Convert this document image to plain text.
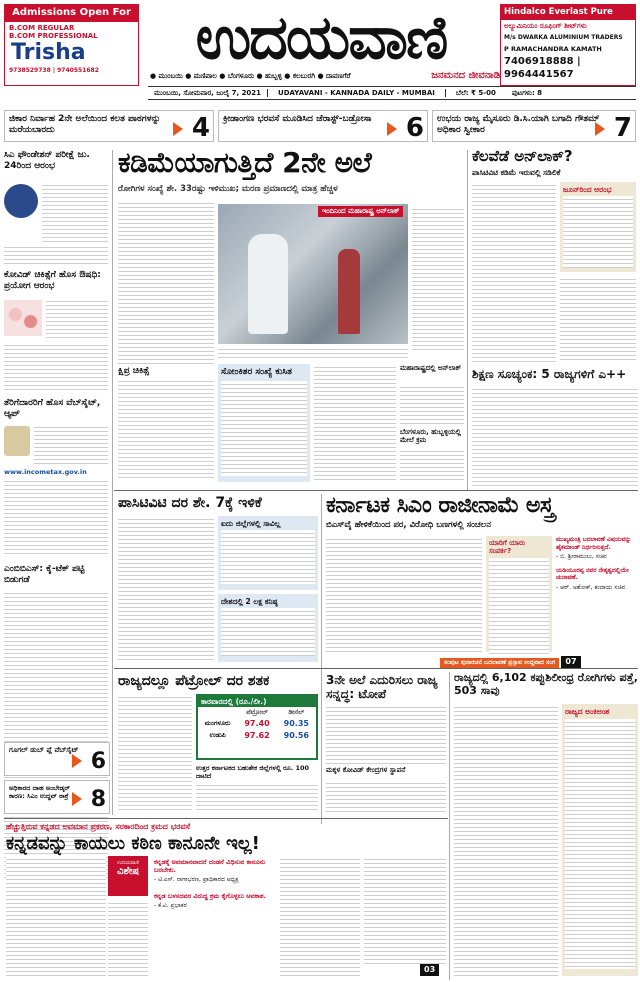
Admissions Open For
B.COM REGULAR
B.COM PROFESSIONAL
Trisha
9738529738 | 9740551682	ಉದಯವಾಣಿ
● ಮುಂಬಯಿ ● ಮಣಿಪಾಲ ● ಬೆಂಗಳೂರು ● ಹುಬ್ಬಳ್ಳಿ ● ಕಲಬುರಗಿ ● ದಾವಣಗೆರೆ	ಜನಮನದ ಜೀವನಾಡಿ
Hindalco Everlast Pure
ಅಲ್ಯುಮಿನಿಯಂ ರೂಫಿಂಗ್ ಶೀಟ್‌ಗಳು
M/s DWARKA ALUMINIUM TRADERS
P RAMACHANDRA KAMATH
7406918888 | 9964441567
ಮುಂಬಯಿ, ಸೋಮವಾರ, ಜುಲೈ 7, 2021	UDAYAVANI - KANNADA DAILY - MUMBAI	ಬೆಲೆ: ₹ 5-00	ಪುಟಗಳು: 8
ಜಿಕಾರ ನಿರ್ವಾಹ 2ನೇ ಅಲೆಯಿಂದ ಕಲತ ಪಾಠಗಳನ್ನು ಮರೆಯಬಾರದು	4 ಕ್ರೀಡಾಂಗಣ ಭರವಸೆ ಮೂಡಿಸಿದ ಜೆರಾಸ್ಟ್‌-ಬಡ್ರೋಸಾ	6 ಉಭಯ ರಾಜ್ಯ ಮೈಸೂರು ಡಿ.ಸಿ.ಯಾಗಿ ಬಗಾದಿ ಗೌತಮ್ ಅಧಿಕಾರ ಸ್ವೀಕಾರ	7
ಸಿಎ ಫೌಂಡೇಶನ್ ಪರೀಕ್ಷೆ ಜು. 24ರಿಂದ ಆರಂಭ
ಕೋವಿಡ್ ಚಿಕಿತ್ಸೆಗೆ ಹೊಸ ಔಷಧಿ: ಪ್ರಯೋಗ ಆರಂಭ
ತೆರಿಗೆದಾರರಿಗೆ ಹೊಸ ವೆಬ್‌ಸೈಟ್, ಆ್ಯಪ್
www.incometax.gov.in
ಎಂಬಿಬಿಎಸ್: ಕೈ-ಟೆಕ್ ಪಟ್ಟಿ ಬಿಡುಗಡೆ
ಗೂಗಲ್ ಡುಬ್ ಪ್ಲೆ ವೆಬ್‌ಸೈಟ್ 6
ಅಧಿಕಾರದ ದಾಹ ಅಂಬೇಡ್ಕರ್ ಕಾರಣ: ಸಿಎಂ ಉದ್ಧವ್ ಠಾಕ್ರೆ	8
ಕಡಿಮೆಯಾಗುತ್ತಿದೆ 2ನೇ ಅಲೆ
ರೋಗಿಗಳ ಸಂಖ್ಯೆ ಶೇ. 33ರಷ್ಟು ಇಳಿಮುಖ; ಮರಣ ಪ್ರಮಾಣದಲ್ಲಿ ಮಾತ್ರ ಹೆಚ್ಚಳ
ಇಂದಿನಿಂದ ಮಹಾರಾಷ್ಟ್ರ ಅನ್‌ಲಾಕ್
ಕ್ಷಿಪ್ರ ಚಿಕಿತ್ಸೆ	ಸೋಂಕಿತರ ಸಂಖ್ಯೆ ಕುಸಿತ	ಮಹಾರಾಷ್ಟ್ರದಲ್ಲಿ ಅನ್‌ಲಾಕ್
ಬೆಂಗಳೂರು, ಹುಬ್ಬಳ್ಳಿಯಲ್ಲಿ ಮೇಲೆ ಕ್ರಮ
ಕೆಲವೆಡೆ ಅನ್‌ಲಾಕ್?
ಪಾಸಿಟಿವಿಟಿ ಕಡಿಮೆ ಇರುವಲ್ಲಿ ಸಡಿಲಿಕೆ
ಜೂನ್‌ರಿಂದ ಆರಂಭ
ಶಿಕ್ಷಣ ಸೂಚ್ಯಂಕ: 5 ರಾಜ್ಯಗಳಿಗೆ ಎ++
ಪಾಸಿಟಿವಿಟಿ ದರ ಶೇ. 7ಕ್ಕೆ ಇಳಿಕೆ
ಐದು ಜಿಲ್ಲೆಗಳಲ್ಲಿ ಸಾವಿಲ್ಲ
ದೇಶದಲ್ಲಿ 2 ಲಕ್ಷ ಕನಿಷ್ಠ
ಕರ್ನಾಟಕ ಸಿಎಂ ರಾಜೀನಾಮೆ ಅಸ್ತ್ರ
ಬಿಎಸ್‌ವೈ ಹೇಳಿಕೆಯಿಂದ ಪರ, ವಿರೋಧಿ ಬಣಗಳಲ್ಲಿ ಸಂಚಲನ
ಸಂಪುಟ ಪುನಾರಚನೆ ಬದಲಾವಣೆ ಪ್ರಸ್ತಾಪ ಉದ್ದವಾದ ಸಂಗ 07
ಯಾರಿಗೆ ಯಾರು ಸಂಪರ್ಕ?
ಮುಖ್ಯಮಂತ್ರಿ ಬದಲಾವಣೆ ವಿಷಯವನ್ನು ಹೈಕಮಾಂಡ್ ನಿರ್ಧರಿಸುತ್ತದೆ.
- ಬಿ. ಶ್ರೀರಾಮುಲು, ಸಚಿವ
ಯಡಿಯೂರಪ್ಪ ನವರ ನೇತೃತ್ವದಲ್ಲಿಯೇ ಚುನಾವಣೆ.
- ಆರ್. ಅಶೋಕ್, ಕಂದಾಯ ಸಚಿವ
ರಾಜ್ಯದಲ್ಲೂ ಪೆಟ್ರೋಲ್ ದರ ಶತಕ
ಕಾರವಾರದಲ್ಲಿ (ರೂ./ಲೀ.)
ಪೆಟ್ರೋಲ್	ಡೀಸೆಲ್
ಮಂಗಳೂರು	97.40	90.35
ಉಡುಪಿ	97.62	90.56
ಉತ್ತರ ಕರ್ನಾಟಕದ ಬಹುತೇಕ ಜಿಲ್ಲೆಗಳಲ್ಲಿ ರೂ. 100 ದಾಟಿದೆ
3ನೇ ಅಲೆ ಎದುರಿಸಲು ರಾಜ್ಯ ಸನ್ನದ್ಧ: ಟೋಪೆ
ಮಕ್ಕಳ ಕೋವಿಡ್ ಕೇಂದ್ರಗಳ ಸ್ಥಾಪನೆ
ರಾಜ್ಯದಲ್ಲಿ 6,102 ಕಪ್ಪುಶಿಲೀಂಧ್ರ ರೋಗಿಗಳು ಪತ್ತೆ, 503 ಸಾವು
ರಾಜ್ಯದ ಅಂಕಿಅಂಶ
ಹೆಚ್ಚುತ್ತಿರುವ ಕನ್ನಡದ ಅವಮಾನ ಪ್ರಕರಣ, ಸರಕಾರದಿಂದ ಕ್ರಮದ ಭರವಸೆ
ಕನ್ನಡವನ್ನು ಕಾಯಲು ಕಠಿಣ ಕಾನೂನೇ ಇಲ್ಲ!
ಉದಯವಾಣಿ
ವಿಶೇಷ
ಕನ್ನಡಕ್ಕೆ ಅವಮಾನವಾದರೆ ದಂಡನೆ ವಿಧಿಸುವ ಕಾನೂನು ಬರಬೇಕು.
- ಟಿ.ಎಸ್. ನಾಗಾಭರಣ, ಪ್ರಾಧಿಕಾರದ ಅಧ್ಯಕ್ಷ
ಕನ್ನಡ ಬಳಸದವರ ವಿರುದ್ಧ ಕ್ರಮ ಕೈಗೊಳ್ಳಲು ಅವಕಾಶ.
- ಕೆ.ವಿ. ಪ್ರಭಾಕರ
03
